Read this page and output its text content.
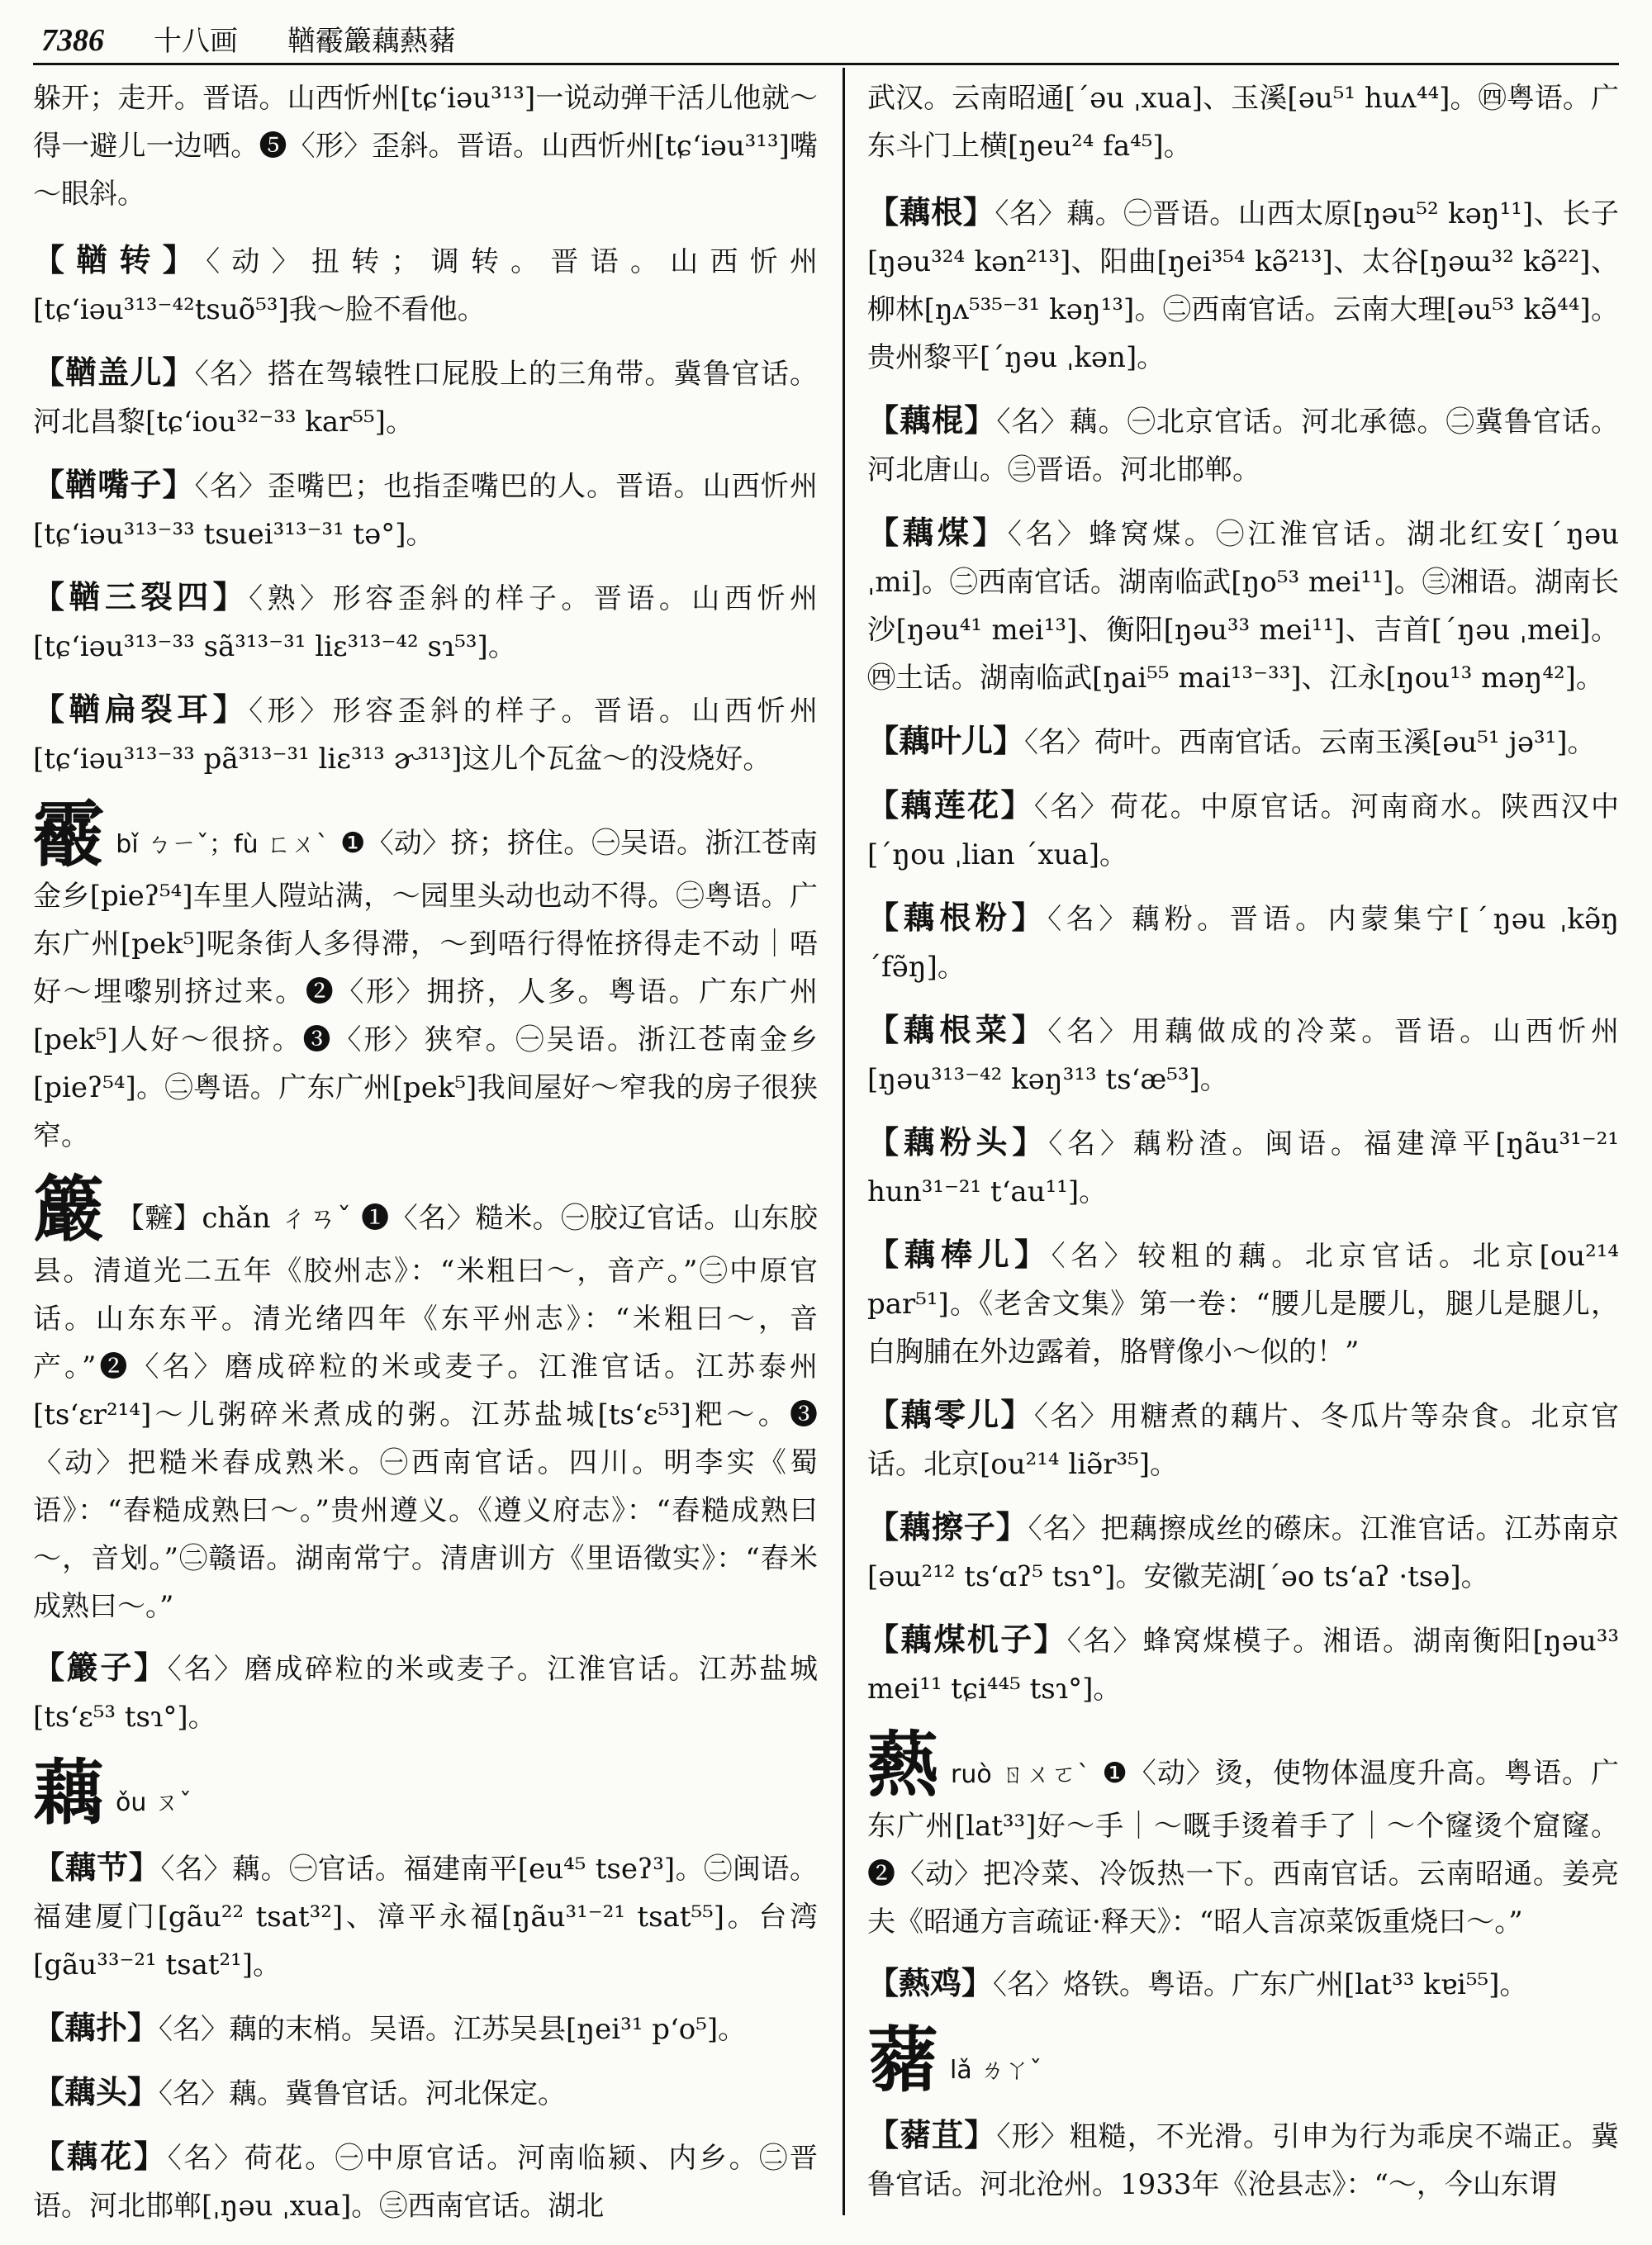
7386 十八画 鞧䨷䉷藕爇藸

躲开；走开。晋语。山西忻州[tɕʻiəu³¹³]一说动弹干活儿他就～得一避儿一边哂。❺〈形〉歪斜。晋语。山西忻州[tɕʻiəu³¹³]嘴～眼斜。

【鞧转】〈动〉扭转；调转。晋语。山西忻州[tɕʻiəu³¹³⁻⁴²tsuõ⁵³]我～脸不看他。

【鞧盖儿】〈名〉搭在驾辕牲口屁股上的三角带。冀鲁官话。河北昌黎[tɕʻiou³²⁻³³ kar⁵⁵]。

【鞧嘴子】〈名〉歪嘴巴；也指歪嘴巴的人。晋语。山西忻州[tɕʻiəu³¹³⁻³³ tsuei³¹³⁻³¹ tə°]。

【鞧三裂四】〈熟〉形容歪斜的样子。晋语。山西忻州[tɕʻiəu³¹³⁻³³ sã³¹³⁻³¹ liɛ³¹³⁻⁴² sɿ⁵³]。

【鞧扁裂耳】〈形〉形容歪斜的样子。晋语。山西忻州[tɕʻiəu³¹³⁻³³ pã³¹³⁻³¹ liɛ³¹³ ɚ³¹³]这儿个瓦盆～的没烧好。

䨷bǐ ㄅㄧˇ；fù ㄈㄨˋ ❶〈动〉挤；挤住。㊀吴语。浙江苍南金乡[pieʔ⁵⁴]车里人隑站满，～园里头动也动不得。㊁粤语。广东广州[pek⁵]呢条街人多得滞，～到唔行得恠挤得走不动｜唔好～埋嚟别挤过来。❷〈形〉拥挤，人多。粤语。广东广州[pek⁵]人好～很挤。❸〈形〉狭窄。㊀吴语。浙江苍南金乡[pieʔ⁵⁴]。㊁粤语。广东广州[pek⁵]我间屋好～窄我的房子很狭窄。

䉷 【䊲】chǎn ㄔㄢˇ ❶〈名〉糙米。㊀胶辽官话。山东胶县。清道光二五年《胶州志》：“米粗曰～，音产。”㊁中原官话。山东东平。清光绪四年《东平州志》：“米粗曰～，音产。”❷〈名〉磨成碎粒的米或麦子。江淮官话。江苏泰州[tsʻɛr²¹⁴]～儿粥碎米煮成的粥。江苏盐城[tsʻɛ⁵³]粑～。❸〈动〉把糙米舂成熟米。㊀西南官话。四川。明李实《蜀语》：“舂糙成熟曰～。”贵州遵义。《遵义府志》：“舂糙成熟曰～，音划。”㊁赣语。湖南常宁。清唐训方《里语徵实》：“舂米成熟曰～。”

【䉷子】〈名〉磨成碎粒的米或麦子。江淮官话。江苏盐城[tsʻɛ⁵³ tsɿ°]。

藕ǒu ㄡˇ

【藕节】〈名〉藕。㊀官话。福建南平[eu⁴⁵ tseʔ³]。㊁闽语。福建厦门[gãu²² tsat³²]、漳平永福[ŋãu³¹⁻²¹ tsat⁵⁵]。台湾[gãu³³⁻²¹ tsat²¹]。

【藕扑】〈名〉藕的末梢。吴语。江苏吴县[ŋei³¹ pʻo⁵]。

【藕头】〈名〉藕。冀鲁官话。河北保定。

【藕花】〈名〉荷花。㊀中原官话。河南临颍、内乡。㊁晋语。河北邯郸[ˌŋəu ˌxua]。㊂西南官话。湖北

武汉。云南昭通[ˊəu ˌxua]、玉溪[əu⁵¹ huʌ⁴⁴]。㊃粤语。广东斗门上横[ŋeu²⁴ fa⁴⁵]。

【藕根】〈名〉藕。㊀晋语。山西太原[ŋəu⁵² kəŋ¹¹]、长子[ŋəu³²⁴ kən²¹³]、阳曲[ŋei³⁵⁴ kə̃²¹³]、太谷[ŋəɯ³² kə̃²²]、柳林[ŋʌ⁵³⁵⁻³¹ kəŋ¹³]。㊁西南官话。云南大理[əu⁵³ kə̃⁴⁴]。贵州黎平[ˊŋəu ˌkən]。

【藕棍】〈名〉藕。㊀北京官话。河北承德。㊁冀鲁官话。河北唐山。㊂晋语。河北邯郸。

【藕煤】〈名〉蜂窝煤。㊀江淮官话。湖北红安[ˊŋəu ˌmi]。㊁西南官话。湖南临武[ŋo⁵³ mei¹¹]。㊂湘语。湖南长沙[ŋəu⁴¹ mei¹³]、衡阳[ŋəu³³ mei¹¹]、吉首[ˊŋəu ˌmei]。㊃土话。湖南临武[ŋai⁵⁵ mai¹³⁻³³]、江永[ŋou¹³ məŋ⁴²]。

【藕叶儿】〈名〉荷叶。西南官话。云南玉溪[əu⁵¹ jə³¹]。

【藕莲花】〈名〉荷花。中原官话。河南商水。陕西汉中[ˊŋou ˌlian ˊxua]。

【藕根粉】〈名〉藕粉。晋语。内蒙集宁[ˊŋəu ˌkə̃ŋ ˊfə̃ŋ]。

【藕根菜】〈名〉用藕做成的冷菜。晋语。山西忻州[ŋəu³¹³⁻⁴² kəŋ³¹³ tsʻæ⁵³]。

【藕粉头】〈名〉藕粉渣。闽语。福建漳平[ŋãu³¹⁻²¹ hun³¹⁻²¹ tʻau¹¹]。

【藕棒儿】〈名〉较粗的藕。北京官话。北京[ou²¹⁴ par⁵¹]。《老舍文集》第一卷：“腰儿是腰儿，腿儿是腿儿，白胸脯在外边露着，胳臂像小～似的！”

【藕零儿】〈名〉用糖煮的藕片、冬瓜片等杂食。北京官话。北京[ou²¹⁴ liə̃r³⁵]。

【藕擦子】〈名〉把藕擦成丝的礤床。江淮官话。江苏南京[əɯ²¹² tsʻɑʔ⁵ tsɿ°]。安徽芜湖[ˊəo tsʻaʔ ·tsə]。

【藕煤机子】〈名〉蜂窝煤模子。湘语。湖南衡阳[ŋəu³³ mei¹¹ tɕi⁴⁴⁵ tsɿ°]。

爇ruò ㄖㄨㄛˋ ❶〈动〉烫，使物体温度升高。粤语。广东广州[lat³³]好～手｜～嘅手烫着手了｜～个窿烫个窟窿。❷〈动〉把冷菜、冷饭热一下。西南官话。云南昭通。姜亮夫《昭通方言疏证·释天》：“昭人言凉菜饭重烧曰～。”

【爇鸡】〈名〉烙铁。粤语。广东广州[lat³³ kɐi⁵⁵]。

藸lǎ ㄌㄚˇ

【藸苴】〈形〉粗糙，不光滑。引申为行为乖戾不端正。冀鲁官话。河北沧州。1933年《沧县志》：“～，今山东谓
